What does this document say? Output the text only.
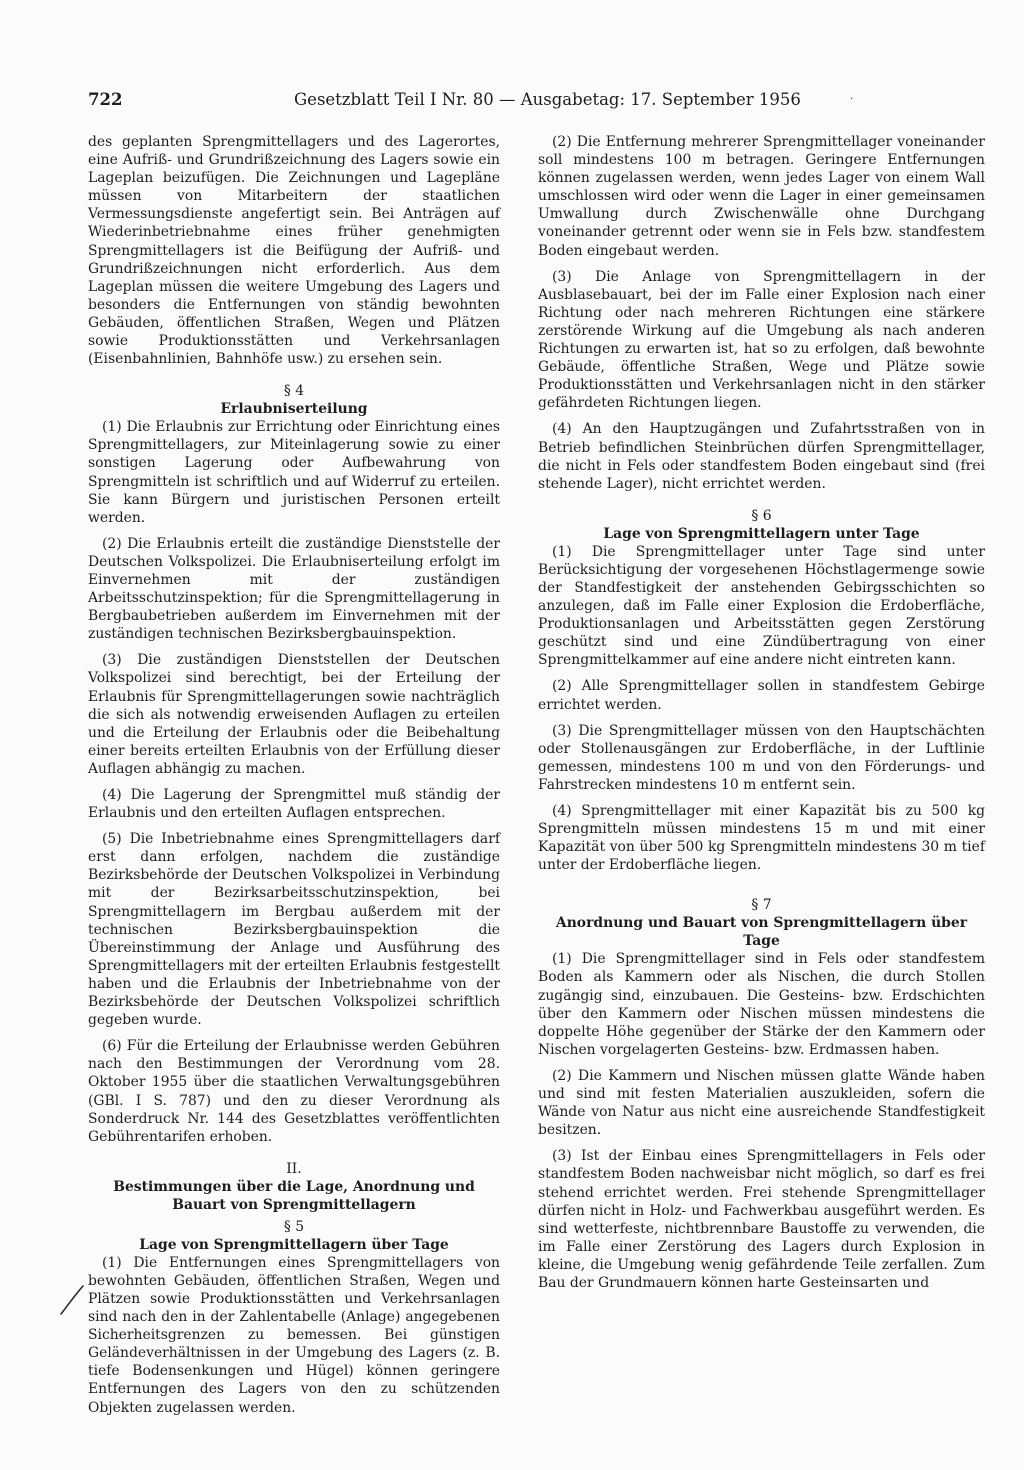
722	Gesetzblatt Teil I Nr. 80 — Ausgabetag: 17. September 1956	·

des geplanten Sprengmittellagers und des Lagerortes, eine Aufriß- und Grundrißzeichnung des Lagers sowie ein Lageplan beizufügen. Die Zeichnungen und Lagepläne müssen von Mitarbeitern der staatlichen Vermessungsdienste angefertigt sein. Bei Anträgen auf Wiederinbetriebnahme eines früher genehmigten Sprengmittellagers ist die Beifügung der Aufriß- und Grundrißzeichnungen nicht erforderlich. Aus dem Lageplan müssen die weitere Umgebung des Lagers und besonders die Entfernungen von ständig bewohnten Gebäuden, öffentlichen Straßen, Wegen und Plätzen sowie Produktionsstätten und Verkehrsanlagen (Eisenbahnlinien, Bahnhöfe usw.) zu ersehen sein.

§ 4

Erlaubniserteilung

(1) Die Erlaubnis zur Errichtung oder Einrichtung eines Sprengmittellagers, zur Miteinlagerung sowie zu einer sonstigen Lagerung oder Aufbewahrung von Sprengmitteln ist schriftlich und auf Widerruf zu erteilen. Sie kann Bürgern und juristischen Personen erteilt werden.

(2) Die Erlaubnis erteilt die zuständige Dienststelle der Deutschen Volkspolizei. Die Erlaubniserteilung erfolgt im Einvernehmen mit der zuständigen Arbeitsschutzinspektion; für die Sprengmittellagerung in Bergbaubetrieben außerdem im Einvernehmen mit der zuständigen technischen Bezirksbergbauinspektion.

(3) Die zuständigen Dienststellen der Deutschen Volkspolizei sind berechtigt, bei der Erteilung der Erlaubnis für Sprengmittellagerungen sowie nachträglich die sich als notwendig erweisenden Auflagen zu erteilen und die Erteilung der Erlaubnis oder die Beibehaltung einer bereits erteilten Erlaubnis von der Erfüllung dieser Auflagen abhängig zu machen.

(4) Die Lagerung der Sprengmittel muß ständig der Erlaubnis und den erteilten Auflagen entsprechen.

(5) Die Inbetriebnahme eines Sprengmittellagers darf erst dann erfolgen, nachdem die zuständige Bezirksbehörde der Deutschen Volkspolizei in Verbindung mit der Bezirksarbeitsschutzinspektion, bei Sprengmittellagern im Bergbau außerdem mit der technischen Bezirksbergbauinspektion die Übereinstimmung der Anlage und Ausführung des Sprengmittellagers mit der erteilten Erlaubnis festgestellt haben und die Erlaubnis der Inbetriebnahme von der Bezirksbehörde der Deutschen Volkspolizei schriftlich gegeben wurde.

(6) Für die Erteilung der Erlaubnisse werden Gebühren nach den Bestimmungen der Verordnung vom 28. Oktober 1955 über die staatlichen Verwaltungsgebühren (GBl. I S. 787) und den zu dieser Verordnung als Sonderdruck Nr. 144 des Gesetzblattes veröffentlichten Gebührentarifen erhoben.

II.

Bestimmungen über die Lage, Anordnung und Bauart von Sprengmittellagern

§ 5

Lage von Sprengmittellagern über Tage

(1) Die Entfernungen eines Sprengmittellagers von bewohnten Gebäuden, öffentlichen Straßen, Wegen und Plätzen sowie Produktionsstätten und Verkehrsanlagen sind nach den in der Zahlentabelle (Anlage) angegebenen Sicherheitsgrenzen zu bemessen. Bei günstigen Geländeverhältnissen in der Umgebung des Lagers (z. B. tiefe Bodensenkungen und Hügel) können geringere Entfernungen des Lagers von den zu schützenden Objekten zugelassen werden.

(2) Die Entfernung mehrerer Sprengmittellager voneinander soll mindestens 100 m betragen. Geringere Entfernungen können zugelassen werden, wenn jedes Lager von einem Wall umschlossen wird oder wenn die Lager in einer gemeinsamen Umwallung durch Zwischenwälle ohne Durchgang voneinander getrennt oder wenn sie in Fels bzw. standfestem Boden eingebaut werden.

(3) Die Anlage von Sprengmittellagern in der Ausblasebauart, bei der im Falle einer Explosion nach einer Richtung oder nach mehreren Richtungen eine stärkere zerstörende Wirkung auf die Umgebung als nach anderen Richtungen zu erwarten ist, hat so zu erfolgen, daß bewohnte Gebäude, öffentliche Straßen, Wege und Plätze sowie Produktionsstätten und Verkehrsanlagen nicht in den stärker gefährdeten Richtungen liegen.

(4) An den Hauptzugängen und Zufahrtsstraßen von in Betrieb befindlichen Steinbrüchen dürfen Sprengmittellager, die nicht in Fels oder standfestem Boden eingebaut sind (frei stehende Lager), nicht errichtet werden.

§ 6

Lage von Sprengmittellagern unter Tage

(1) Die Sprengmittellager unter Tage sind unter Berücksichtigung der vorgesehenen Höchstlagermenge sowie der Standfestigkeit der anstehenden Gebirgsschichten so anzulegen, daß im Falle einer Explosion die Erdoberfläche, Produktionsanlagen und Arbeitsstätten gegen Zerstörung geschützt sind und eine Zündübertragung von einer Sprengmittelkammer auf eine andere nicht eintreten kann.

(2) Alle Sprengmittellager sollen in standfestem Gebirge errichtet werden.

(3) Die Sprengmittellager müssen von den Hauptschächten oder Stollenausgängen zur Erdoberfläche, in der Luftlinie gemessen, mindestens 100 m und von den Förderungs- und Fahrstrecken mindestens 10 m entfernt sein.

(4) Sprengmittellager mit einer Kapazität bis zu 500 kg Sprengmitteln müssen mindestens 15 m und mit einer Kapazität von über 500 kg Sprengmitteln mindestens 30 m tief unter der Erdoberfläche liegen.

§ 7

Anordnung und Bauart von Sprengmittellagern über Tage

(1) Die Sprengmittellager sind in Fels oder standfestem Boden als Kammern oder als Nischen, die durch Stollen zugängig sind, einzubauen. Die Gesteins- bzw. Erdschichten über den Kammern oder Nischen müssen mindestens die doppelte Höhe gegenüber der Stärke der den Kammern oder Nischen vorgelagerten Gesteins- bzw. Erdmassen haben.

(2) Die Kammern und Nischen müssen glatte Wände haben und sind mit festen Materialien auszukleiden, sofern die Wände von Natur aus nicht eine ausreichende Standfestigkeit besitzen.

(3) Ist der Einbau eines Sprengmittellagers in Fels oder standfestem Boden nachweisbar nicht möglich, so darf es frei stehend errichtet werden. Frei stehende Sprengmittellager dürfen nicht in Holz- und Fachwerkbau ausgeführt werden. Es sind wetterfeste, nichtbrennbare Baustoffe zu verwenden, die im Falle einer Zerstörung des Lagers durch Explosion in kleine, die Umgebung wenig gefährdende Teile zerfallen. Zum Bau der Grundmauern können harte Gesteinsarten und
